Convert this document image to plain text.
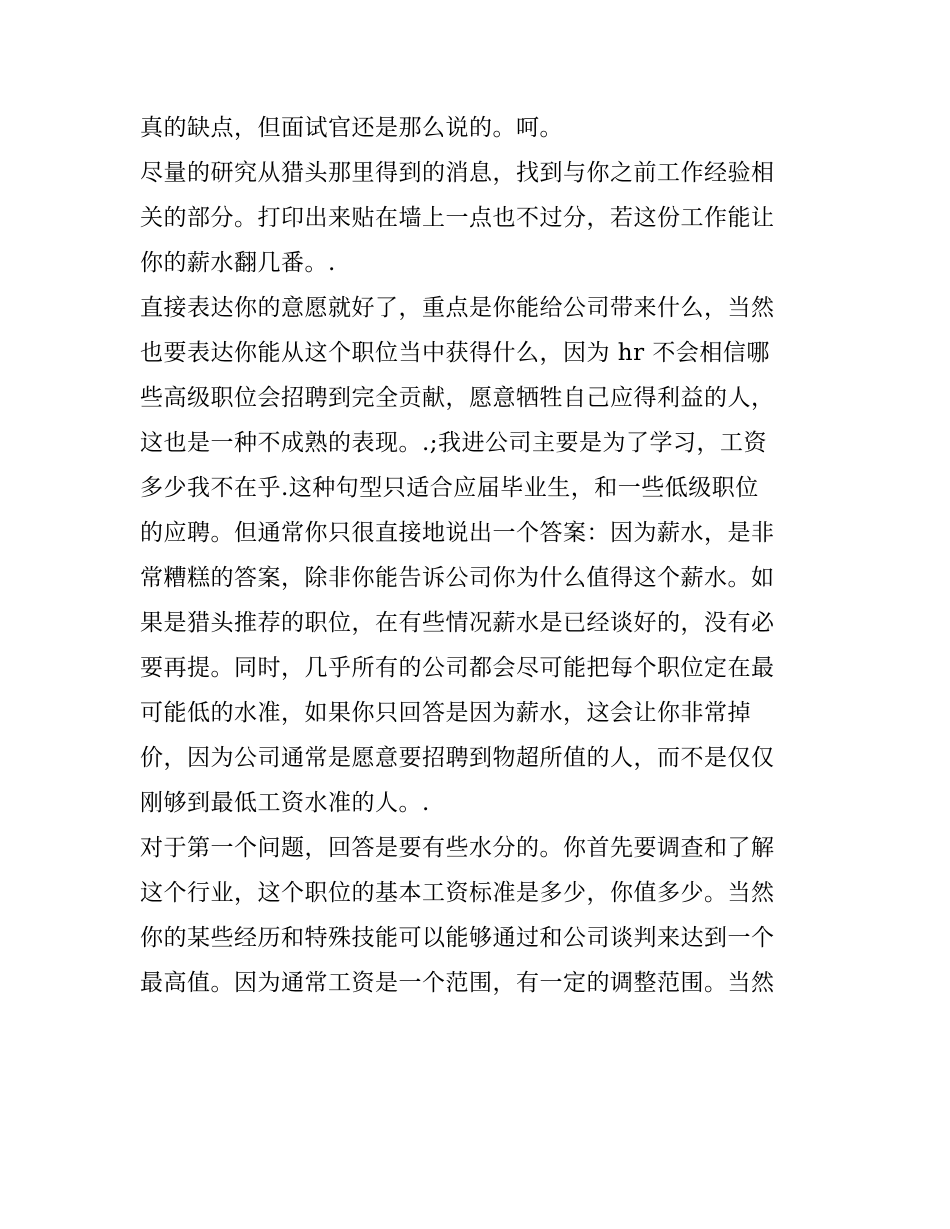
真的缺点，但面试官还是那么说的。呵。
尽量的研究从猎头那里得到的消息，找到与你之前工作经验相
关的部分。打印出来贴在墙上一点也不过分，若这份工作能让
你的薪水翻几番。.
直接表达你的意愿就好了，重点是你能给公司带来什么，当然
也要表达你能从这个职位当中获得什么，因为 hr 不会相信哪
些高级职位会招聘到完全贡献，愿意牺牲自己应得利益的人，
这也是一种不成熟的表现。.;我进公司主要是为了学习，工资
多少我不在乎.这种句型只适合应届毕业生，和一些低级职位
的应聘。但通常你只很直接地说出一个答案：因为薪水，是非
常糟糕的答案，除非你能告诉公司你为什么值得这个薪水。如
果是猎头推荐的职位，在有些情况薪水是已经谈好的，没有必
要再提。同时，几乎所有的公司都会尽可能把每个职位定在最
可能低的水准，如果你只回答是因为薪水，这会让你非常掉
价，因为公司通常是愿意要招聘到物超所值的人，而不是仅仅
刚够到最低工资水准的人。.
对于第一个问题，回答是要有些水分的。你首先要调查和了解
这个行业，这个职位的基本工资标准是多少，你值多少。当然
你的某些经历和特殊技能可以能够通过和公司谈判来达到一个
最高值。因为通常工资是一个范围，有一定的调整范围。当然
